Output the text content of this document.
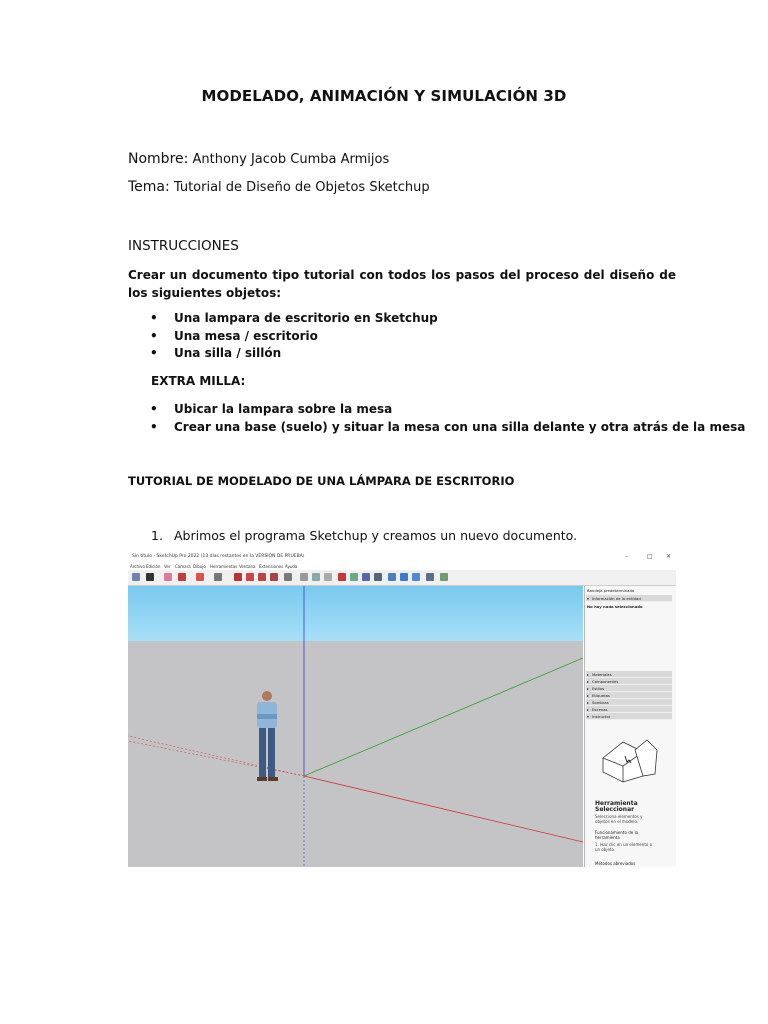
MODELADO, ANIMACIÓN Y SIMULACIÓN 3D
Nombre: Anthony Jacob Cumba Armijos
Tema: Tutorial de Diseño de Objetos Sketchup
INSTRUCCIONES
Crear un documento tipo tutorial con todos los pasos del proceso del diseño de los siguientes objetos:
• Una lampara de escritorio en Sketchup
• Una mesa / escritorio
• Una silla / sillón
EXTRA MILLA:
• Ubicar la lampara sobre la mesa
• Crear una base (suelo) y situar la mesa con una silla delante y otra atrás de la mesa
TUTORIAL DE MODELADO DE UNA LÁMPARA DE ESCRITORIO
1. Abrimos el programa Sketchup y creamos un nuevo documento.
Sin título - SketchUp Pro 2022 (13 días restantes en la VERSIÓN DE PRUEBA)	–	□ ✕
Archivo Edición Ver Cámara Dibujo Herramientas Ventana Extensiones Ayuda
Bandeja predeterminada
▾ Información de la entidad
No hay nada seleccionado
▸ Materiales
▸ Componentes
▸ Estilos
▸ Etiquetas
▸ Sombras
▸ Escenas
▾ Instructor
Herramienta Seleccionar
Selecciona elementos y objetos en el modelo.
Funcionamiento de la herramienta
1. Haz clic en un elemento o un objeto.
Métodos abreviados
